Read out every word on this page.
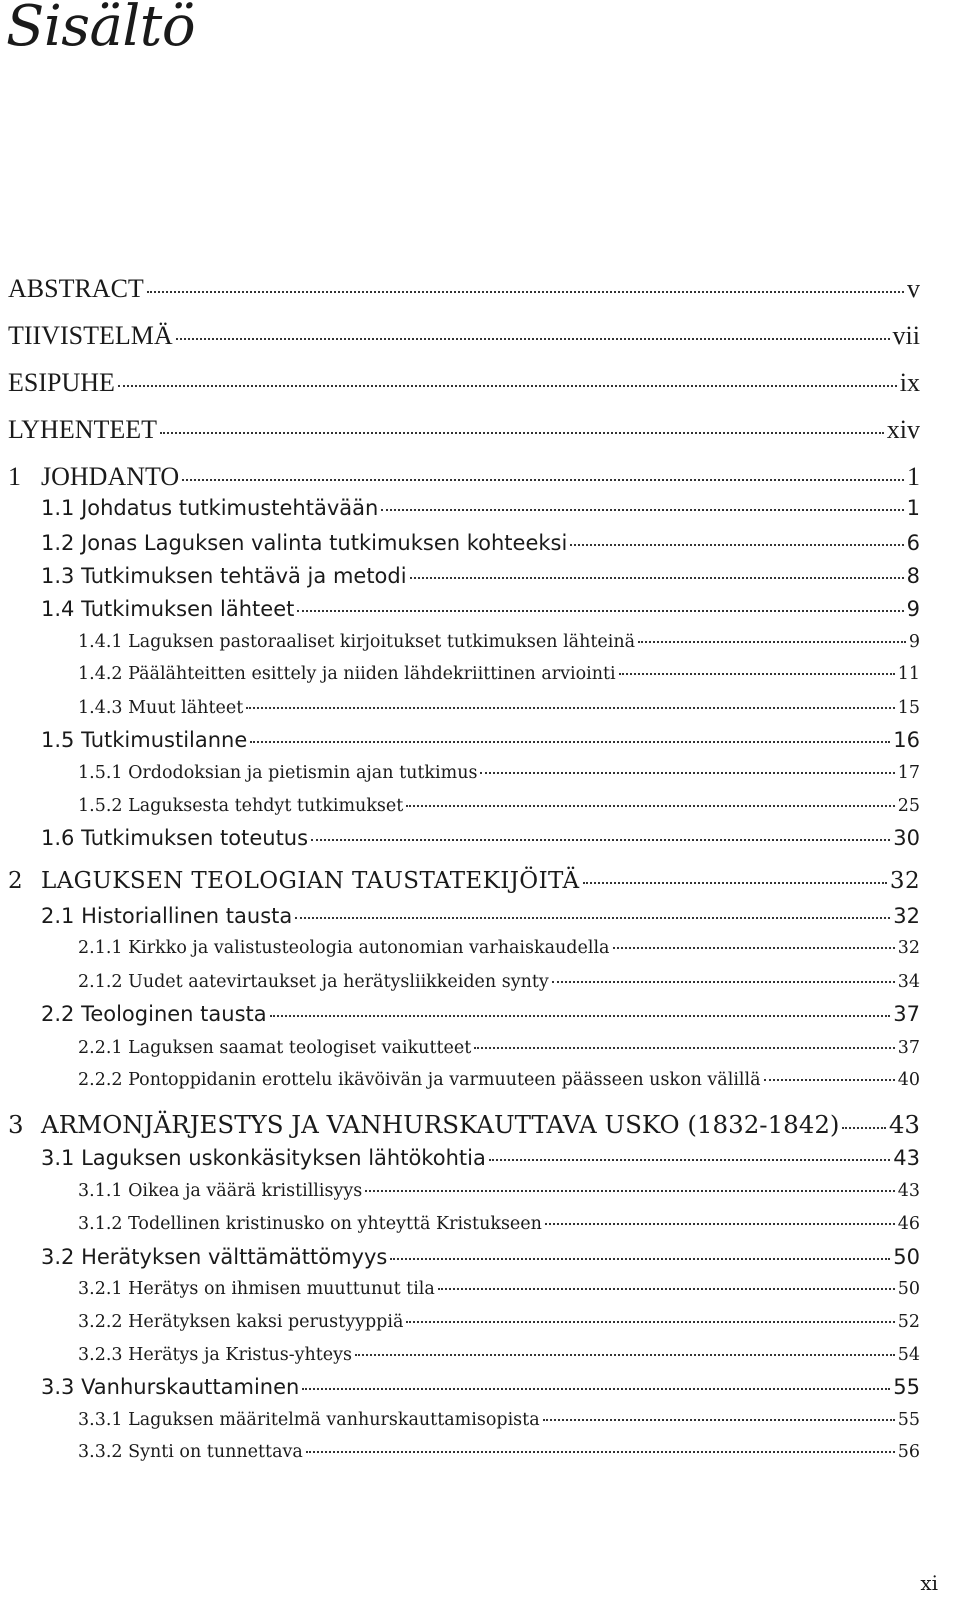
Sisältö
ABSTRACT	v
TIIVISTELMÄ	vii
ESIPUHE	ix
LYHENTEET	xiv
1 JOHDANTO	1
1.1 Johdatus tutkimustehtävään	1
1.2 Jonas Laguksen valinta tutkimuksen kohteeksi	6
1.3 Tutkimuksen tehtävä ja metodi	8
1.4 Tutkimuksen lähteet	9
1.4.1 Laguksen pastoraaliset kirjoitukset tutkimuksen lähteinä	9
1.4.2 Päälähteitten esittely ja niiden lähdekriittinen arviointi	11
1.4.3 Muut lähteet	15
1.5 Tutkimustilanne	16
1.5.1 Ordodoksian ja pietismin ajan tutkimus	17
1.5.2 Laguksesta tehdyt tutkimukset	25
1.6 Tutkimuksen toteutus	30
2 LAGUKSEN TEOLOGIAN TAUSTATEKIJÖITÄ	32
2.1 Historiallinen tausta	32
2.1.1 Kirkko ja valistusteologia autonomian varhaiskaudella	32
2.1.2 Uudet aatevirtaukset ja herätysliikkeiden synty	34
2.2 Teologinen tausta	37
2.2.1 Laguksen saamat teologiset vaikutteet	37
2.2.2 Pontoppidanin erottelu ikävöivän ja varmuuteen päässeen uskon välillä	40
3 ARMONJÄRJESTYS JA VANHURSKAUTTAVA USKO (1832-1842) 43
3.1 Laguksen uskonkäsityksen lähtökohtia	43
3.1.1 Oikea ja väärä kristillisyys	43
3.1.2 Todellinen kristinusko on yhteyttä Kristukseen	46
3.2 Herätyksen välttämättömyys	50
3.2.1 Herätys on ihmisen muuttunut tila	50
3.2.2 Herätyksen kaksi perustyyppiä	52
3.2.3 Herätys ja Kristus-yhteys	54
3.3 Vanhurskauttaminen	55
3.3.1 Laguksen määritelmä vanhurskauttamisopista	55
3.3.2 Synti on tunnettava	56
xi
